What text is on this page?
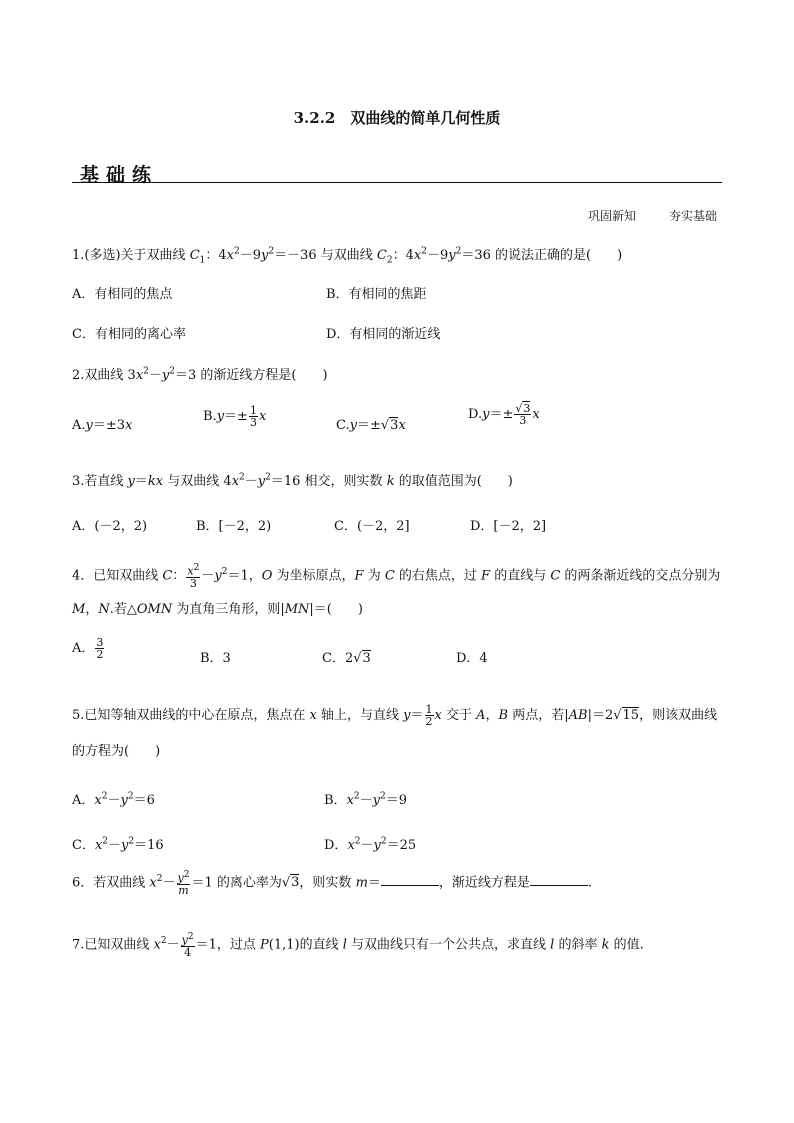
3.2.2　双曲线的简单几何性质
基础练
巩固新知	夯实基础
1.(多选)关于双曲线 $C_1$：$4x^2-9y^2=-36$ 与双曲线 $C_2$：$4x^2-9y^2=36$ 的说法正确的是(　　)
A．有相同的焦点	B．有相同的焦距
C．有相同的离心率	D．有相同的渐近线
2.双曲线 $3x^2-y^2=3$ 的渐近线方程是(　　)
A.y＝±3x
$B.y=\pm \frac{1}{3}$ x
C.y＝±√3x
$D.y=\pm \frac{√3}{3}$ x
3.若直线 y＝kx 与双曲线 $4x^2-y^2=16$ 相交，则实数 k 的取值范围为(　　)
A．(－2，2)	B．[－2，2)	C．(－2，2]	D．[－2，2]
4．已知双曲线 C： $\frac{x^2}{3} -y^2=1$，O 为坐标原点，F 为 C 的右焦点，过 F 的直线与 C 的两条渐近线的交点分别为 M，N.若△OMN 为直角三角形，则|MN|＝(　　)
A． $\frac{3}{2}$	B．3	C．2√3	D．4
5.已知等轴双曲线的中心在原点，焦点在 x 轴上，与直线 $y= \frac{1}{2}$ x 交于 A，B 两点，若|AB|＝2√15，则该双曲线的方程为(　　)
A．$x^2-y^2=6$	B．$x^2-y^2=9$
C．$x^2-y^2=16$	D．$x^2-y^2=25$
6．若双曲线 $x^2- \frac{y^2}{m} =1$ 的离心率为√3，则实数 m＝	，渐近线方程是	.
7.已知双曲线 $x^2- \frac{y^2}{4} =1$，过点 P(1,1)的直线 l 与双曲线只有一个公共点，求直线 l 的斜率 k 的值.
